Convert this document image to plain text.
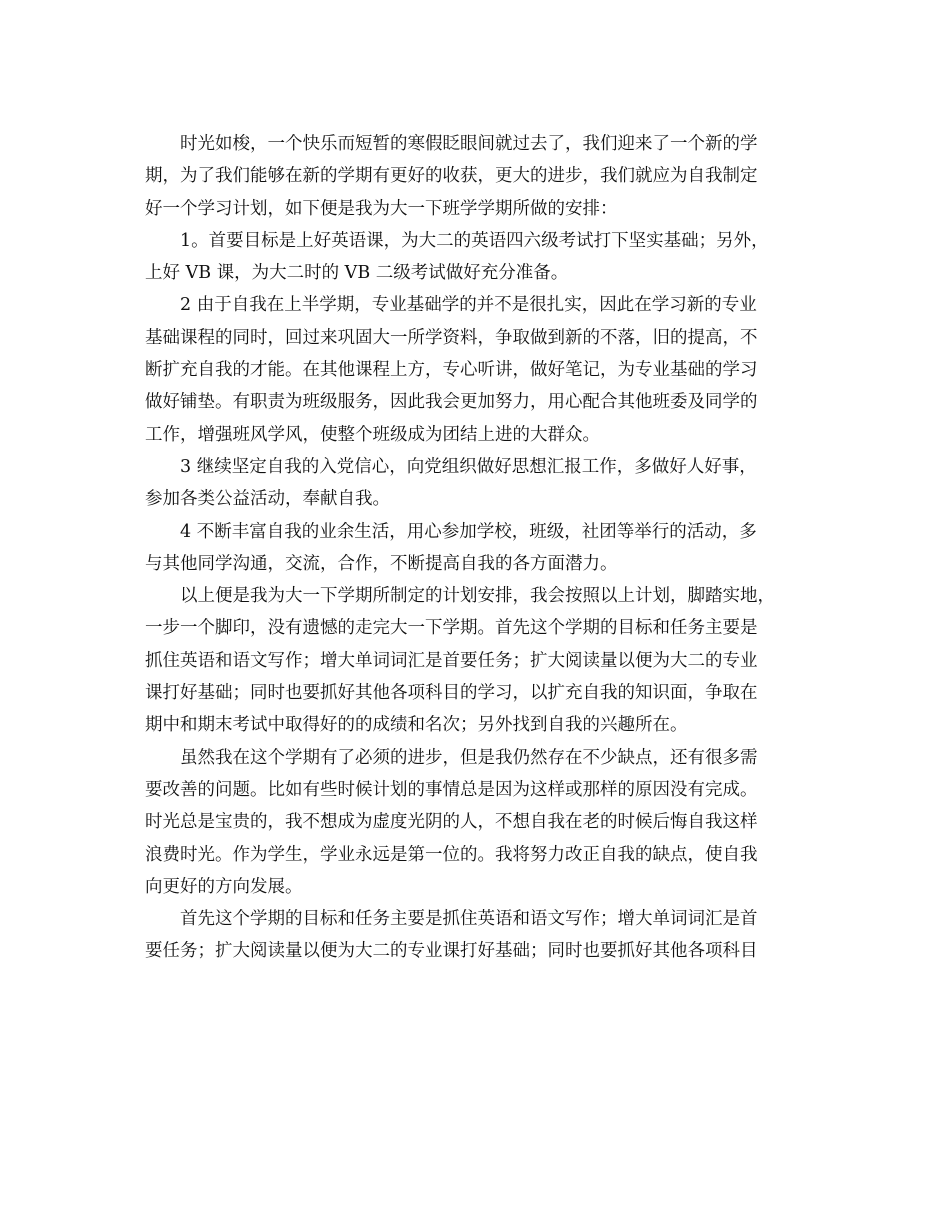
时光如梭，一个快乐而短暂的寒假眨眼间就过去了，我们迎来了一个新的学
期，为了我们能够在新的学期有更好的收获，更大的进步，我们就应为自我制定
好一个学习计划，如下便是我为大一下班学学期所做的安排：

1。首要目标是上好英语课，为大二的英语四六级考试打下坚实基础；另外，
上好 VB 课，为大二时的 VB 二级考试做好充分准备。

2 由于自我在上半学期，专业基础学的并不是很扎实，因此在学习新的专业
基础课程的同时，回过来巩固大一所学资料，争取做到新的不落，旧的提高，不
断扩充自我的才能。在其他课程上方，专心听讲，做好笔记，为专业基础的学习
做好铺垫。有职责为班级服务，因此我会更加努力，用心配合其他班委及同学的
工作，增强班风学风，使整个班级成为团结上进的大群众。

3 继续坚定自我的入党信心，向党组织做好思想汇报工作，多做好人好事，
参加各类公益活动，奉献自我。

4 不断丰富自我的业余生活，用心参加学校，班级，社团等举行的活动，多
与其他同学沟通，交流，合作，不断提高自我的各方面潜力。

以上便是我为大一下学期所制定的计划安排，我会按照以上计划，脚踏实地，
一步一个脚印，没有遗憾的走完大一下学期。首先这个学期的目标和任务主要是
抓住英语和语文写作；增大单词词汇是首要任务；扩大阅读量以便为大二的专业
课打好基础；同时也要抓好其他各项科目的学习，以扩充自我的知识面，争取在
期中和期末考试中取得好的的成绩和名次；另外找到自我的兴趣所在。

虽然我在这个学期有了必须的进步，但是我仍然存在不少缺点，还有很多需
要改善的问题。比如有些时候计划的事情总是因为这样或那样的原因没有完成。
时光总是宝贵的，我不想成为虚度光阴的人，不想自我在老的时候后悔自我这样
浪费时光。作为学生，学业永远是第一位的。我将努力改正自我的缺点，使自我
向更好的方向发展。

首先这个学期的目标和任务主要是抓住英语和语文写作；增大单词词汇是首
要任务；扩大阅读量以便为大二的专业课打好基础；同时也要抓好其他各项科目
